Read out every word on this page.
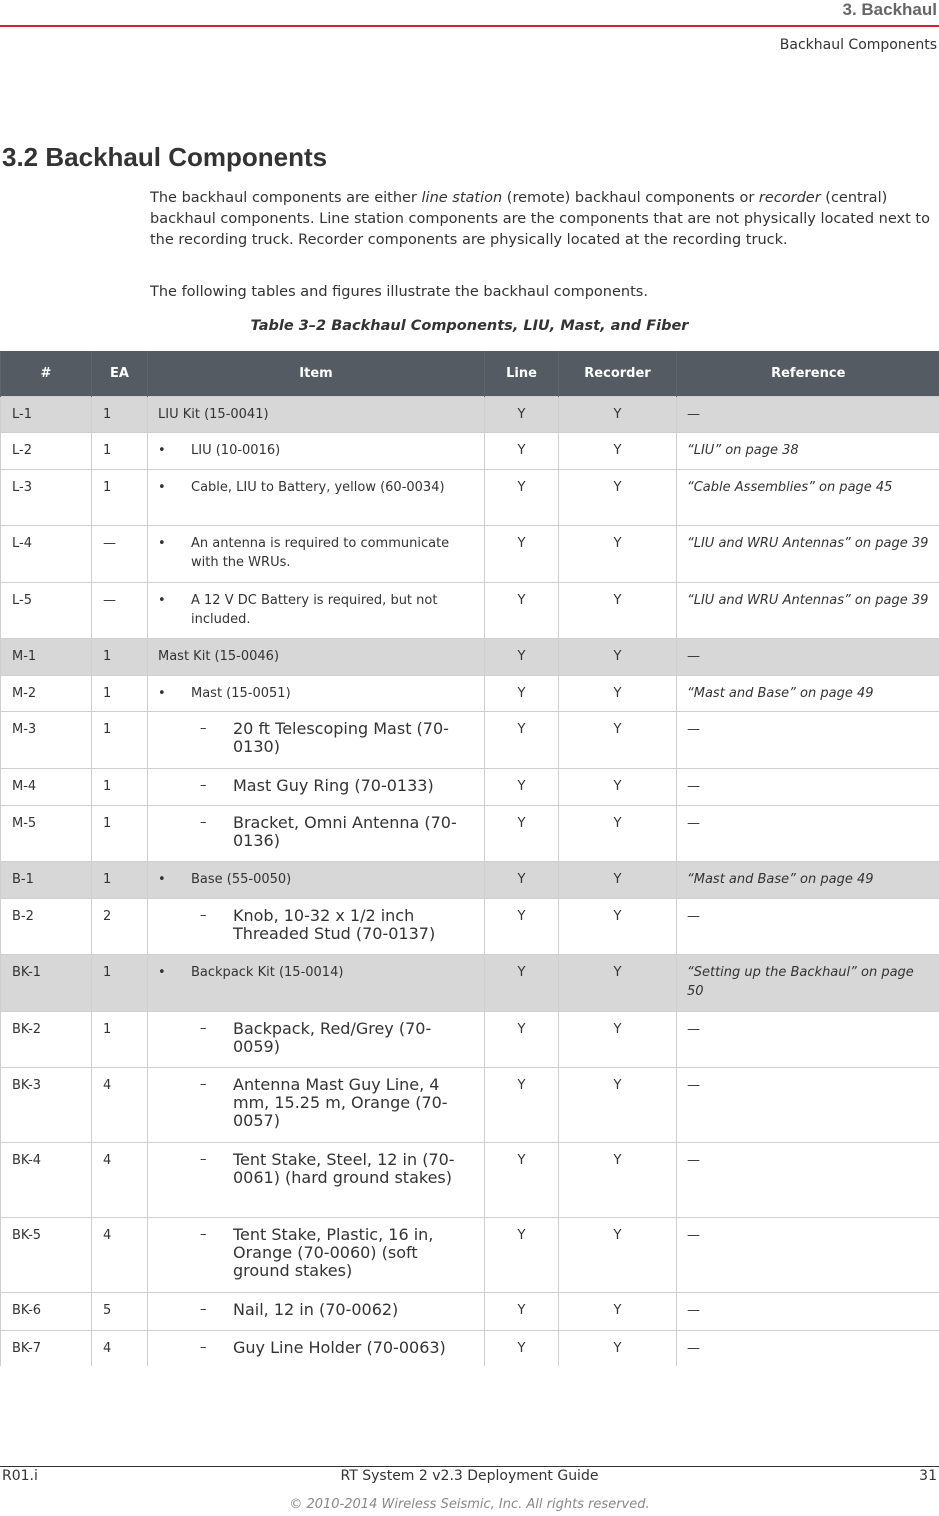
3. Backhaul
Backhaul Components
3.2 Backhaul Components
The backhaul components are either line station (remote) backhaul components or recorder (central) backhaul components. Line station components are the components that are not physically located next to the recording truck. Recorder components are physically located at the recording truck.
The following tables and figures illustrate the backhaul components.
Table 3–2 Backhaul Components, LIU, Mast, and Fiber
#	EA	Item	Line	Recorder	Reference
L-1	1	LIU Kit (15-0041)	Y	Y	—
L-2	1	• LIU (10-0016)	Y	Y	“LIU” on page 38
L-3	1	• Cable, LIU to Battery, yellow (60-0034)	Y	Y	“Cable Assemblies” on page 45
L-4	—	• An antenna is required to communicate with the WRUs.	Y	Y	“LIU and WRU Antennas” on page 39
L-5	—	• A 12 V DC Battery is required, but not included.	Y	Y	“LIU and WRU Antennas” on page 39
M-1	1	Mast Kit (15-0046)	Y	Y	—
M-2	1	• Mast (15-0051)	Y	Y	“Mast and Base” on page 49
M-3	1	– 20 ft Telescoping Mast (70-0130)	Y	Y	—
M-4	1	– Mast Guy Ring (70-0133)	Y	Y	—
M-5	1	– Bracket, Omni Antenna (70-0136)	Y	Y	—
B-1	1	• Base (55-0050)	Y	Y	“Mast and Base” on page 49
B-2	2	– Knob, 10-32 x 1/2 inch Threaded Stud (70-0137)	Y	Y	—
BK-1	1	• Backpack Kit (15-0014)	Y	Y	“Setting up the Backhaul” on page 50
BK-2	1	– Backpack, Red/Grey (70-0059)	Y	Y	—
BK-3	4	– Antenna Mast Guy Line, 4 mm, 15.25 m, Orange (70-0057)	Y	Y	—
BK-4	4	– Tent Stake, Steel, 12 in (70-0061) (hard ground stakes)	Y	Y	—
BK-5	4	– Tent Stake, Plastic, 16 in, Orange (70-0060) (soft ground stakes)	Y	Y	—
BK-6	5	– Nail, 12 in (70-0062)	Y	Y	—
BK-7	4	– Guy Line Holder (70-0063)	Y	Y	—
R01.i	RT System 2 v2.3 Deployment Guide	31
© 2010-2014 Wireless Seismic, Inc. All rights reserved.
